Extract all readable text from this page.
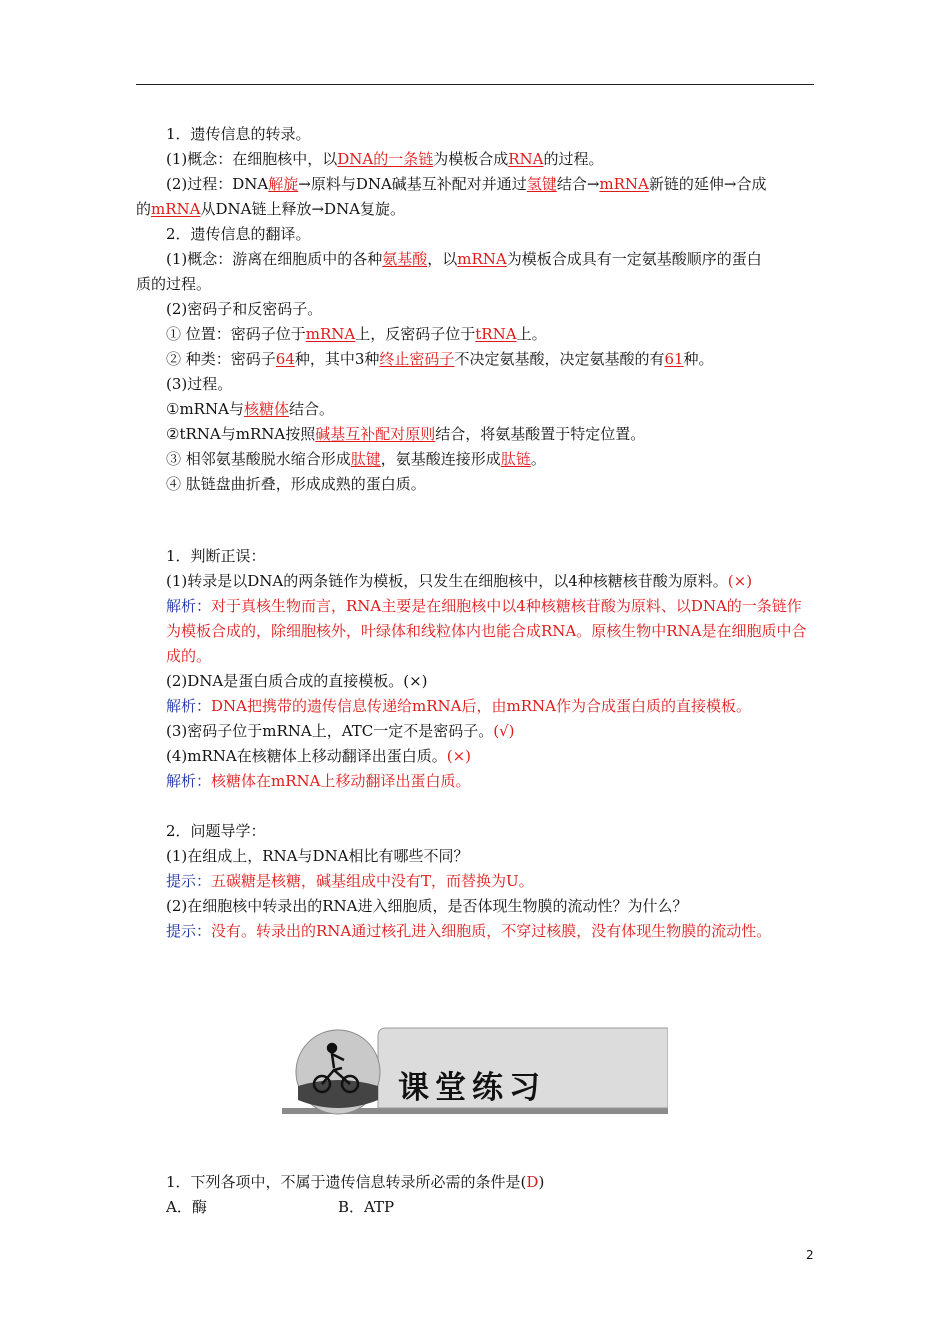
1．遗传信息的转录。
(1)概念：在细胞核中，以DNA的一条链为模板合成RNA的过程。
(2)过程：DNA解旋→原料与DNA碱基互补配对并通过氢键结合→mRNA新链的延伸→合成
的mRNA从DNA链上释放→DNA复旋。
2．遗传信息的翻译。
(1)概念：游离在细胞质中的各种氨基酸，以mRNA为模板合成具有一定氨基酸顺序的蛋白
质的过程。
(2)密码子和反密码子。
① 位置：密码子位于mRNA上，反密码子位于tRNA上。
② 种类：密码子64种，其中3种终止密码子不决定氨基酸，决定氨基酸的有61种。
(3)过程。
①mRNA与核糖体结合。
②tRNA与mRNA按照碱基互补配对原则结合，将氨基酸置于特定位置。
③ 相邻氨基酸脱水缩合形成肽键，氨基酸连接形成肽链。
④ 肽链盘曲折叠，形成成熟的蛋白质。
1．判断正误：
(1)转录是以DNA的两条链作为模板，只发生在细胞核中，以4种核糖核苷酸为原料。(×)
解析：对于真核生物而言，RNA主要是在细胞核中以4种核糖核苷酸为原料、以DNA的一条链作为模板合成的，除细胞核外，叶绿体和线粒体内也能合成RNA。原核生物中RNA是在细胞质中合成的。
(2)DNA是蛋白质合成的直接模板。(×)
解析：DNA把携带的遗传信息传递给mRNA后，由mRNA作为合成蛋白质的直接模板。
(3)密码子位于mRNA上，ATC一定不是密码子。(√)
(4)mRNA在核糖体上移动翻译出蛋白质。(×)
解析：核糖体在mRNA上移动翻译出蛋白质。
2．问题导学：
(1)在组成上，RNA与DNA相比有哪些不同？
提示：五碳糖是核糖，碱基组成中没有T，而替换为U。
(2)在细胞核中转录出的RNA进入细胞质，是否体现生物膜的流动性？为什么？
提示：没有。转录出的RNA通过核孔进入细胞质，不穿过核膜，没有体现生物膜的流动性。
课堂练习
1．下列各项中，不属于遗传信息转录所必需的条件是(D)
A．酶	B．ATP
2
